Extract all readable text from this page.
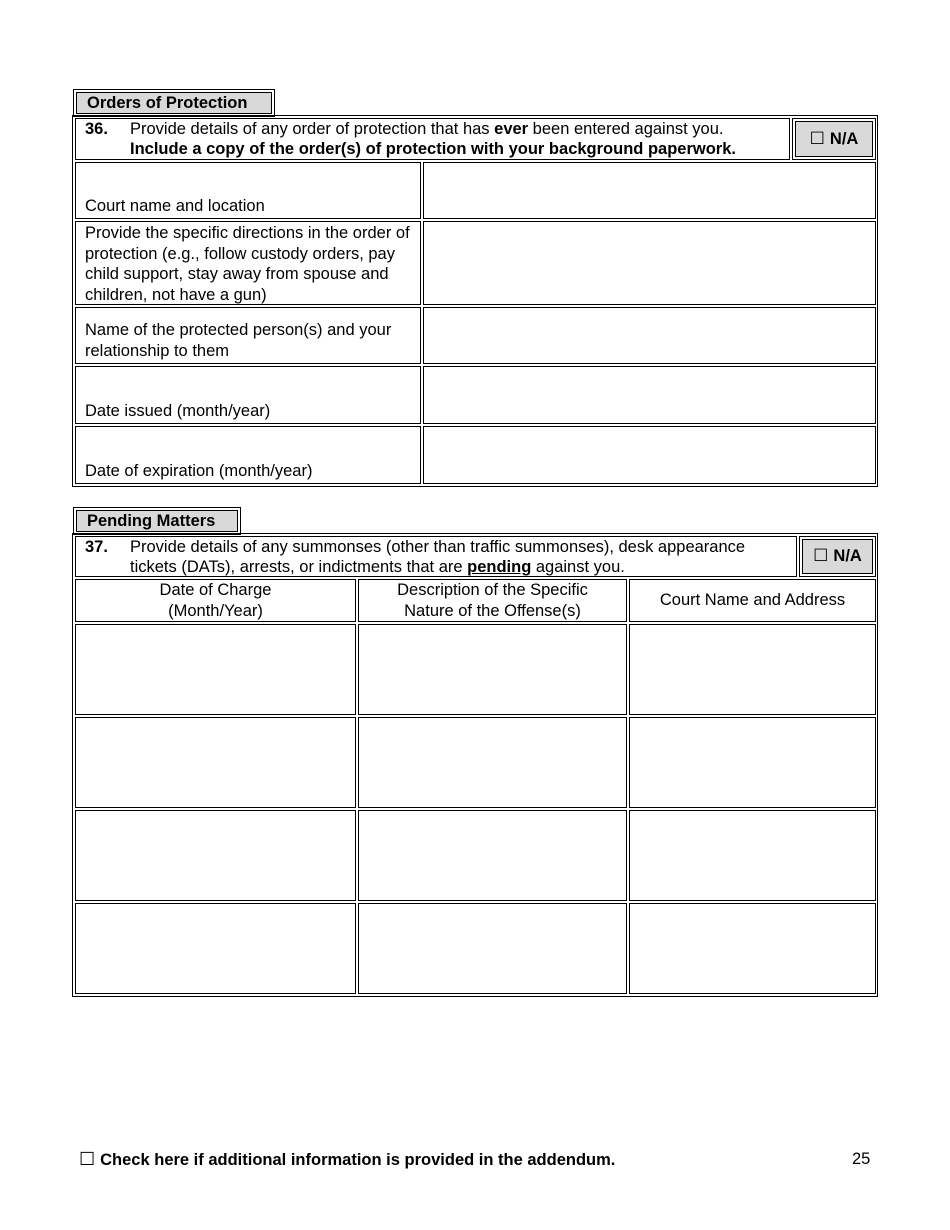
Orders of Protection
36. Provide details of any order of protection that has ever been entered against you.
Include a copy of the order(s) of protection with your background paperwork.
☐ N/A
Court name and location
Provide the specific directions in the order of protection (e.g., follow custody orders, pay child support, stay away from spouse and children, not have a gun)
Name of the protected person(s) and your relationship to them
Date issued (month/year)
Date of expiration (month/year)
Pending Matters
37. Provide details of any summonses (other than traffic summonses), desk appearance
tickets (DATs), arrests, or indictments that are pending against you.
☐ N/A
Date of Charge
(Month/Year)
Description of the Specific
Nature of the Offense(s)
Court Name and Address
☐ Check here if additional information is provided in the addendum.	25
